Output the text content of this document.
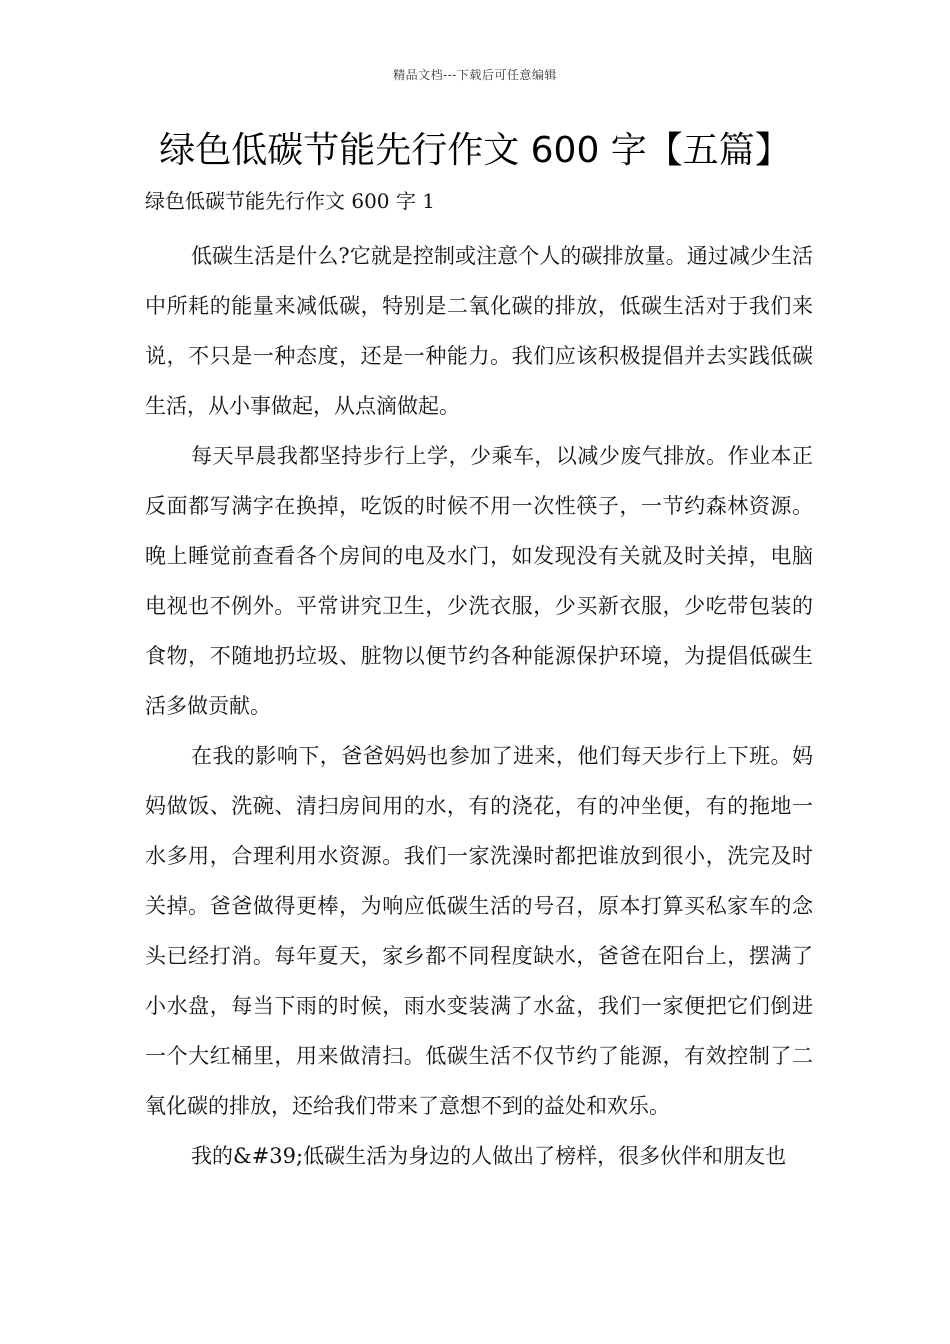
精品文档---下载后可任意编辑
绿色低碳节能先行作文 600 字【五篇】

绿色低碳节能先行作文 600 字 1

低碳生活是什么?它就是控制或注意个人的碳排放量。通过减少生活中所耗的能量来减低碳，特别是二氧化碳的排放，低碳生活对于我们来说，不只是一种态度，还是一种能力。我们应该积极提倡并去实践低碳生活，从小事做起，从点滴做起。

每天早晨我都坚持步行上学，少乘车，以减少废气排放。作业本正反面都写满字在换掉，吃饭的时候不用一次性筷子，一节约森林资源。晚上睡觉前查看各个房间的电及水门，如发现没有关就及时关掉，电脑电视也不例外。平常讲究卫生，少洗衣服，少买新衣服，少吃带包装的食物，不随地扔垃圾、脏物以便节约各种能源保护环境，为提倡低碳生活多做贡献。

在我的影响下，爸爸妈妈也参加了进来，他们每天步行上下班。妈妈做饭、洗碗、清扫房间用的水，有的浇花，有的冲坐便，有的拖地一水多用，合理利用水资源。我们一家洗澡时都把谁放到很小，洗完及时关掉。爸爸做得更棒，为响应低碳生活的号召，原本打算买私家车的念头已经打消。每年夏天，家乡都不同程度缺水，爸爸在阳台上，摆满了小水盘，每当下雨的时候，雨水变装满了水盆，我们一家便把它们倒进一个大红桶里，用来做清扫。低碳生活不仅节约了能源，有效控制了二氧化碳的排放，还给我们带来了意想不到的益处和欢乐。

我的&#39;低碳生活为身边的人做出了榜样，很多伙伴和朋友也
